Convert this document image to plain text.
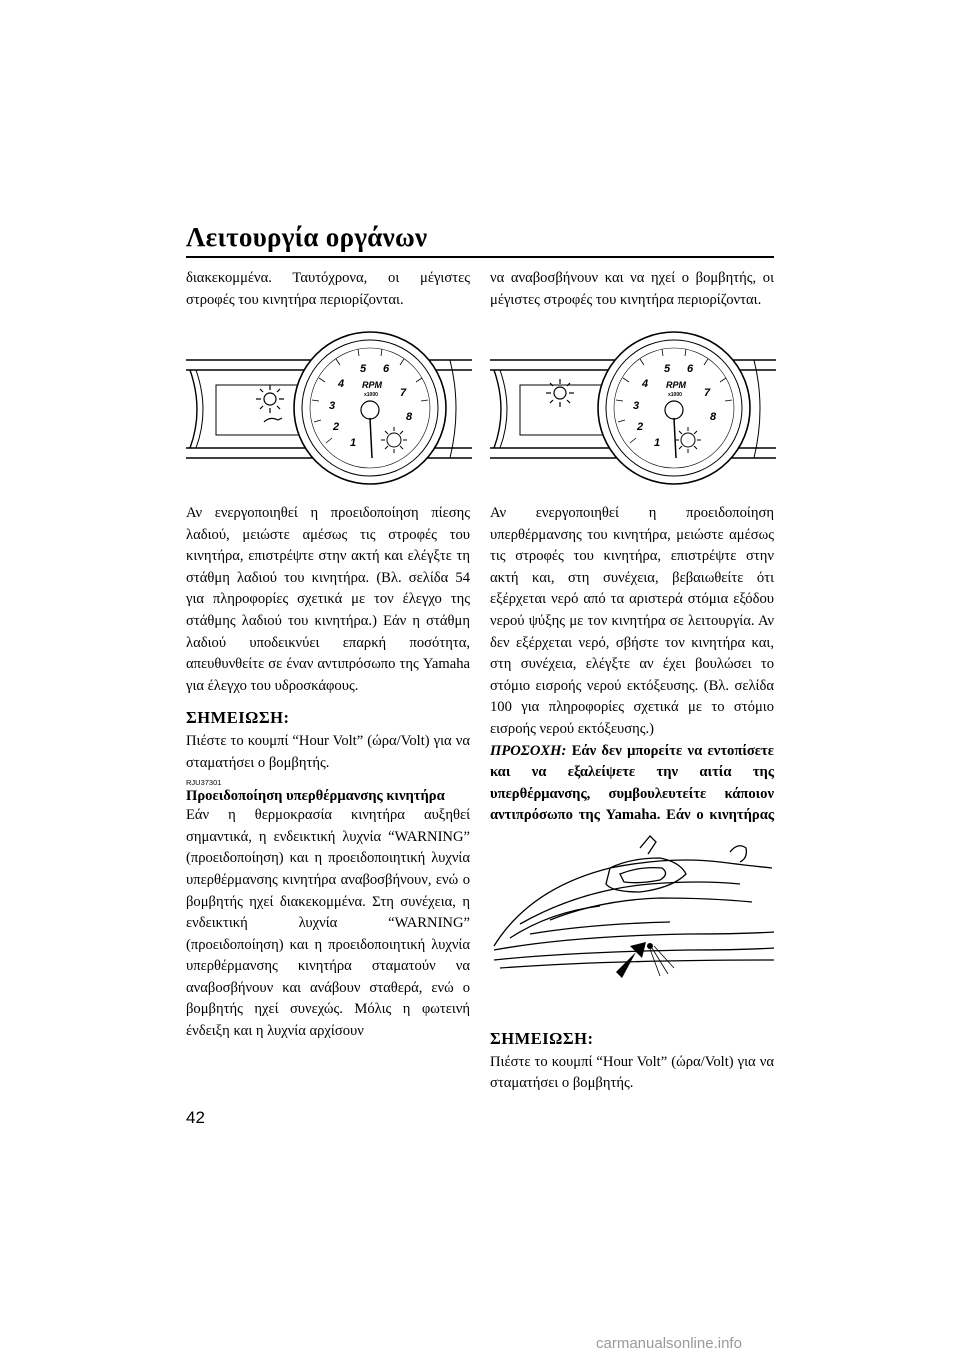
Λειτουργία οργάνων

διακεκομμένα. Ταυτόχρονα, οι μέγιστες στροφές του κινητήρα περιορίζονται.

1
2
3
4
5 6
7
8
RPM
x1000

Αν ενεργοποιηθεί η προειδοποίηση πίεσης λαδιού, μειώστε αμέσως τις στροφές του κινητήρα, επιστρέψτε στην ακτή και ελέγξτε τη στάθμη λαδιού του κινητήρα. (Βλ. σελίδα 54 για πληροφορίες σχετικά με τον έλεγχο της στάθμης λαδιού του κινητήρα.) Εάν η στάθμη λαδιού υποδεικνύει επαρκή ποσότητα, απευθυνθείτε σε έναν αντιπρόσωπο της Yamaha για έλεγχο του υδροσκάφους.

ΣΗΜΕΙΩΣΗ:

Πιέστε το κουμπί “Hour Volt” (ώρα/Volt) για να σταματήσει ο βομβητής.

RJU37301
Προειδοποίηση υπερθέρμανσης κινητήρα

Εάν η θερμοκρασία κινητήρα αυξηθεί σημαντικά, η ενδεικτική λυχνία “WARNING” (προειδοποίηση) και η προειδοποιητική λυχνία υπερθέρμανσης κινητήρα αναβοσβήνουν, ενώ ο βομβητής ηχεί διακεκομμένα. Στη συνέχεια, η ενδεικτική λυχνία “WARNING” (προειδοποίηση) και η προειδοποιητική λυχνία υπερθέρμανσης κινητήρα σταματούν να αναβοσβήνουν και ανάβουν σταθερά, ενώ ο βομβητής ηχεί συνεχώς. Μόλις η φωτεινή ένδειξη και η λυχνία αρχίσουν

να αναβοσβήνουν και να ηχεί ο βομβητής, οι μέγιστες στροφές του κινητήρα περιορίζονται.

1
2
3
4
5 6
7
8
RPM
x1000

Αν ενεργοποιηθεί η προειδοποίηση υπερθέρμανσης του κινητήρα, μειώστε αμέσως τις στροφές του κινητήρα, επιστρέψτε στην ακτή και, στη συνέχεια, βεβαιωθείτε ότι εξέρχεται νερό από τα αριστερά στόμια εξόδου νερού ψύξης με τον κινητήρα σε λειτουργία. Αν δεν εξέρχεται νερό, σβήστε τον κινητήρα και, στη συνέχεια, ελέγξτε αν έχει βουλώσει το στόμιο εισροής νερού εκτόξευσης. (Βλ. σελίδα 100 για πληροφορίες σχετικά με το στόμιο εισροής νερού εκτόξευσης.)

ΠΡΟΣΟΧΗ: Εάν δεν μπορείτε να εντοπίσετε και να εξαλείψετε την αιτία της υπερθέρμανσης, συμβουλευτείτε κάποιον αντιπρόσωπο της Yamaha. Εάν ο κινητήρας

ΣΗΜΕΙΩΣΗ:

Πιέστε το κουμπί “Hour Volt” (ώρα/Volt) για να σταματήσει ο βομβητής.

42
carmanualsonline.info
